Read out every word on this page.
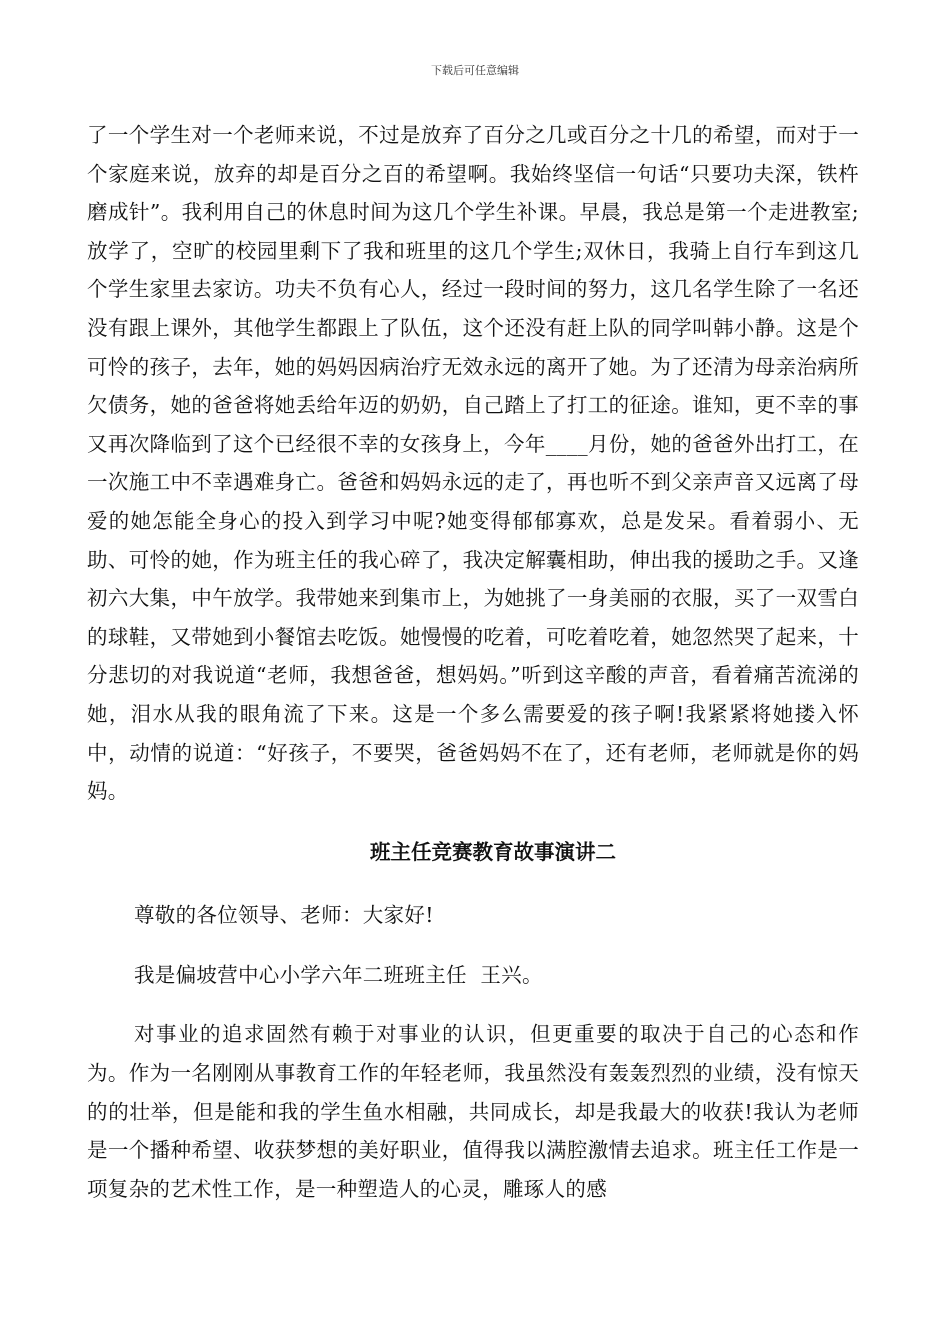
下载后可任意编辑

了一个学生对一个老师来说，不过是放弃了百分之几或百分之十几的希望，而对于一个家庭来说，放弃的却是百分之百的希望啊。我始终坚信一句话“只要功夫深，铁杵磨成针”。我利用自己的休息时间为这几个学生补课。早晨，我总是第一个走进教室;放学了，空旷的校园里剩下了我和班里的这几个学生;双休日，我骑上自行车到这几个学生家里去家访。功夫不负有心人，经过一段时间的努力，这几名学生除了一名还没有跟上课外，其他学生都跟上了队伍，这个还没有赶上队的同学叫韩小静。这是个可怜的孩子，去年，她的妈妈因病治疗无效永远的离开了她。为了还清为母亲治病所欠债务，她的爸爸将她丢给年迈的奶奶，自己踏上了打工的征途。谁知，更不幸的事又再次降临到了这个已经很不幸的女孩身上，今年____月份，她的爸爸外出打工，在一次施工中不幸遇难身亡。爸爸和妈妈永远的走了，再也听不到父亲声音又远离了母爱的她怎能全身心的投入到学习中呢?她变得郁郁寡欢，总是发呆。看着弱小、无助、可怜的她，作为班主任的我心碎了，我决定解囊相助，伸出我的援助之手。又逢初六大集，中午放学。我带她来到集市上，为她挑了一身美丽的衣服，买了一双雪白的球鞋，又带她到小餐馆去吃饭。她慢慢的吃着，可吃着吃着，她忽然哭了起来，十分悲切的对我说道“老师，我想爸爸，想妈妈。”听到这辛酸的声音，看着痛苦流涕的她，泪水从我的眼角流了下来。这是一个多么需要爱的孩子啊!我紧紧将她搂入怀中，动情的说道：“好孩子，不要哭，爸爸妈妈不在了，还有老师，老师就是你的妈妈。

班主任竞赛教育故事演讲二

尊敬的各位领导、老师：大家好!

我是偏坡营中心小学六年二班班主任  王兴。

对事业的追求固然有赖于对事业的认识，但更重要的取决于自己的心态和作为。作为一名刚刚从事教育工作的年轻老师，我虽然没有轰轰烈烈的业绩，没有惊天的的壮举，但是能和我的学生鱼水相融，共同成长，却是我最大的收获!我认为老师是一个播种希望、收获梦想的美好职业，值得我以满腔激情去追求。班主任工作是一项复杂的艺术性工作，是一种塑造人的心灵，雕琢人的感
